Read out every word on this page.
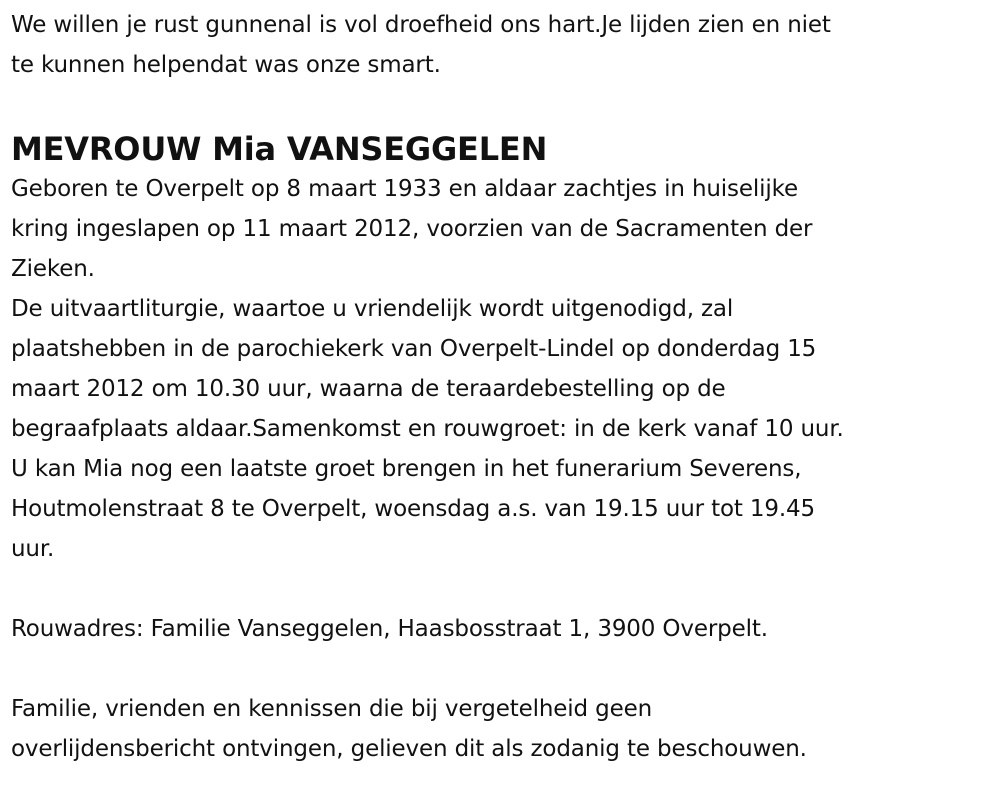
We willen je rust gunnenal is vol droefheid ons hart.Je lijden zien en niet
te kunnen helpendat was onze smart.
MEVROUW Mia VANSEGGELEN
Geboren te Overpelt op 8 maart 1933 en aldaar zachtjes in huiselijke
kring ingeslapen op 11 maart 2012, voorzien van de Sacramenten der
Zieken.
De uitvaartliturgie, waartoe u vriendelijk wordt uitgenodigd, zal
plaatshebben in de parochiekerk van Overpelt-Lindel op donderdag 15
maart 2012 om 10.30 uur, waarna de teraardebestelling op de
begraafplaats aldaar.Samenkomst en rouwgroet: in de kerk vanaf 10 uur.
U kan Mia nog een laatste groet brengen in het funerarium Severens,
Houtmolenstraat 8 te Overpelt, woensdag a.s. van 19.15 uur tot 19.45
uur.
Rouwadres: Familie Vanseggelen, Haasbosstraat 1, 3900 Overpelt.
Familie, vrienden en kennissen die bij vergetelheid geen
overlijdensbericht ontvingen, gelieven dit als zodanig te beschouwen.
